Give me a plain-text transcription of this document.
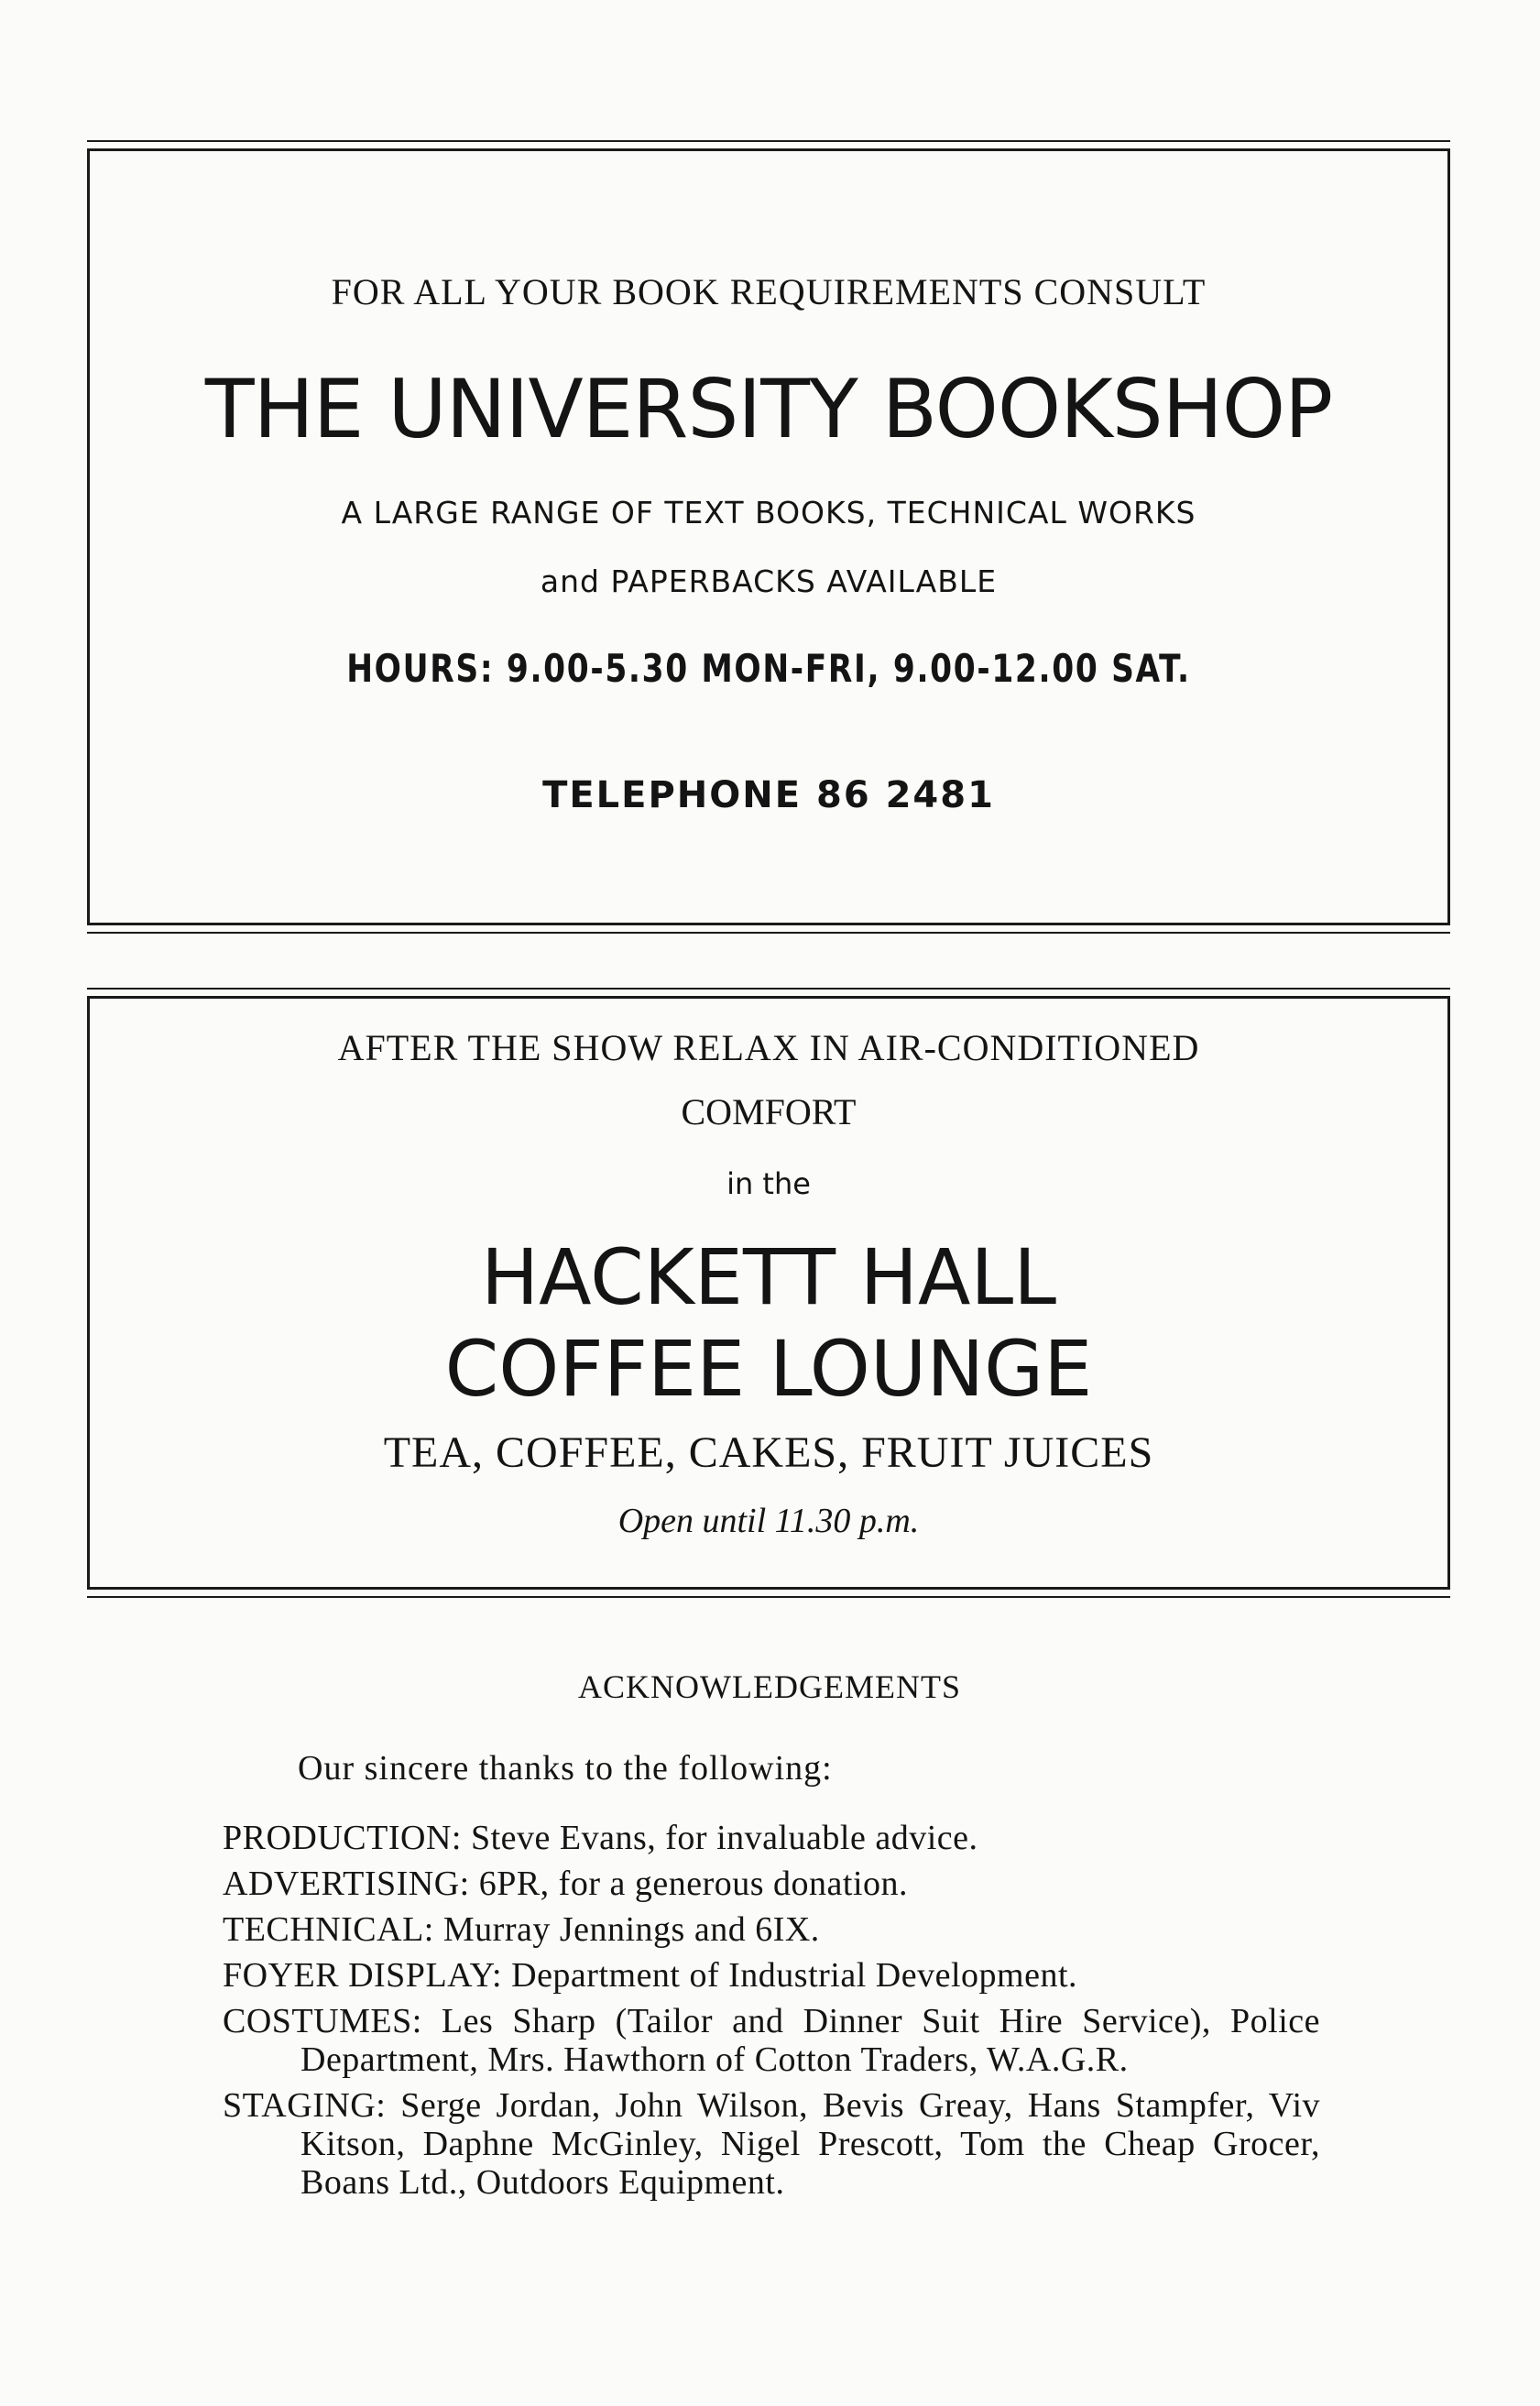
FOR ALL YOUR BOOK REQUIREMENTS CONSULT
THE UNIVERSITY BOOKSHOP
A LARGE RANGE OF TEXT BOOKS, TECHNICAL WORKS
and PAPERBACKS AVAILABLE
HOURS: 9.00-5.30 MON-FRI, 9.00-12.00 SAT.
TELEPHONE 86 2481
AFTER THE SHOW RELAX IN AIR-CONDITIONED
COMFORT
in the
HACKETT HALL
COFFEE LOUNGE
TEA, COFFEE, CAKES, FRUIT JUICES
Open until 11.30 p.m.
ACKNOWLEDGEMENTS
Our sincere thanks to the following:

PRODUCTION: Steve Evans, for invaluable advice.

ADVERTISING: 6PR, for a generous donation.

TECHNICAL: Murray Jennings and 6IX.

FOYER DISPLAY: Department of Industrial Development.

COSTUMES: Les Sharp (Tailor and Dinner Suit Hire Service), Police Department, Mrs. Hawthorn of Cotton Traders, W.A.G.R.

STAGING: Serge Jordan, John Wilson, Bevis Greay, Hans Stampfer, Viv Kitson, Daphne McGinley, Nigel Prescott, Tom the Cheap Grocer, Boans Ltd., Outdoors Equipment.
